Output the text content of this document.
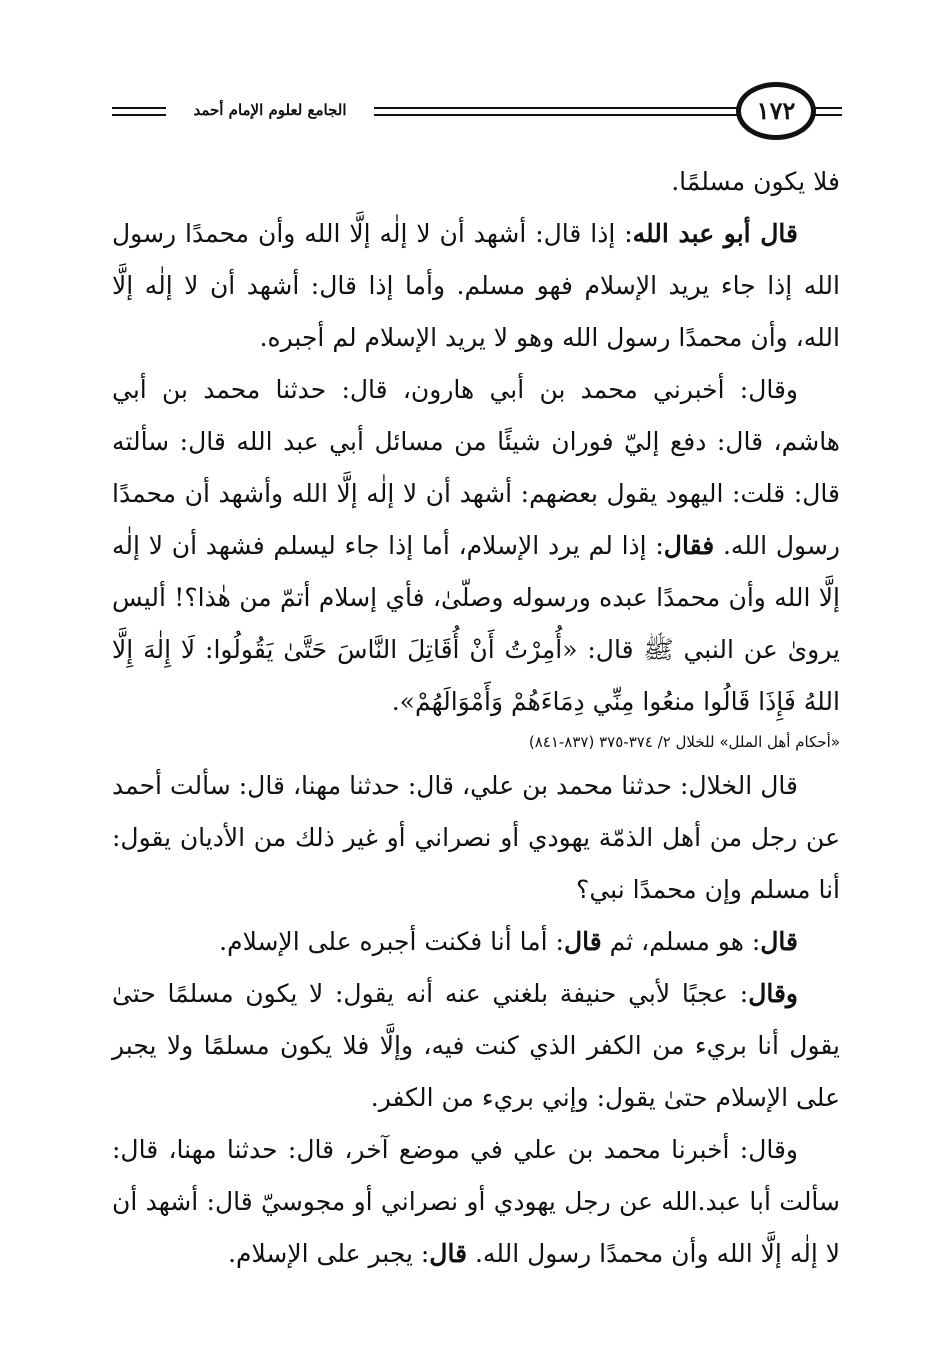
الجامع لعلوم الإمام أحمد	١٧٢

فلا يكون مسلمًا.

قال أبو عبد الله: إذا قال: أشهد أن لا إلٰه إلَّا الله وأن محمدًا رسول الله إذا جاء يريد الإسلام فهو مسلم. وأما إذا قال: أشهد أن لا إلٰه إلَّا الله، وأن محمدًا رسول الله وهو لا يريد الإسلام لم أجبره.

وقال: أخبرني محمد بن أبي هارون، قال: حدثنا محمد بن أبي هاشم، قال: دفع إليّ فوران شيئًا من مسائل أبي عبد الله قال: سألته قال: قلت: اليهود يقول بعضهم: أشهد أن لا إلٰه إلَّا الله وأشهد أن محمدًا رسول الله. فقال: إذا لم يرد الإسلام، أما إذا جاء ليسلم فشهد أن لا إلٰه إلَّا الله وأن محمدًا عبده ورسوله وصلّىٰ، فأي إسلام أتمّ من هٰذا؟! أليس يروىٰ عن النبي ﷺ قال: «أُمِرْتُ أَنْ أُقَاتِلَ النَّاسَ حَتَّىٰ يَقُولُوا: لَا إِلٰهَ إِلَّا اللهُ فَإِذَا قَالُوا منعُوا مِنِّي دِمَاءَهُمْ وَأَمْوَالَهُمْ».

«أحكام أهل الملل» للخلال ٢/ ٣٧٤-٣٧٥ (٨٣٧-٨٤١)

قال الخلال: حدثنا محمد بن علي، قال: حدثنا مهنا، قال: سألت أحمد عن رجل من أهل الذمّة يهودي أو نصراني أو غير ذلك من الأديان يقول: أنا مسلم وإن محمدًا نبي؟

قال: هو مسلم، ثم قال: أما أنا فكنت أجبره على الإسلام.

وقال: عجبًا لأبي حنيفة بلغني عنه أنه يقول: لا يكون مسلمًا حتىٰ يقول أنا بريء من الكفر الذي كنت فيه، وإلَّا فلا يكون مسلمًا ولا يجبر على الإسلام حتىٰ يقول: وإني بريء من الكفر.

وقال: أخبرنا محمد بن علي في موضع آخر، قال: حدثنا مهنا، قال: سألت أبا عبد.الله عن رجل يهودي أو نصراني أو مجوسيّ قال: أشهد أن لا إلٰه إلَّا الله وأن محمدًا رسول الله. قال: يجبر على الإسلام.
